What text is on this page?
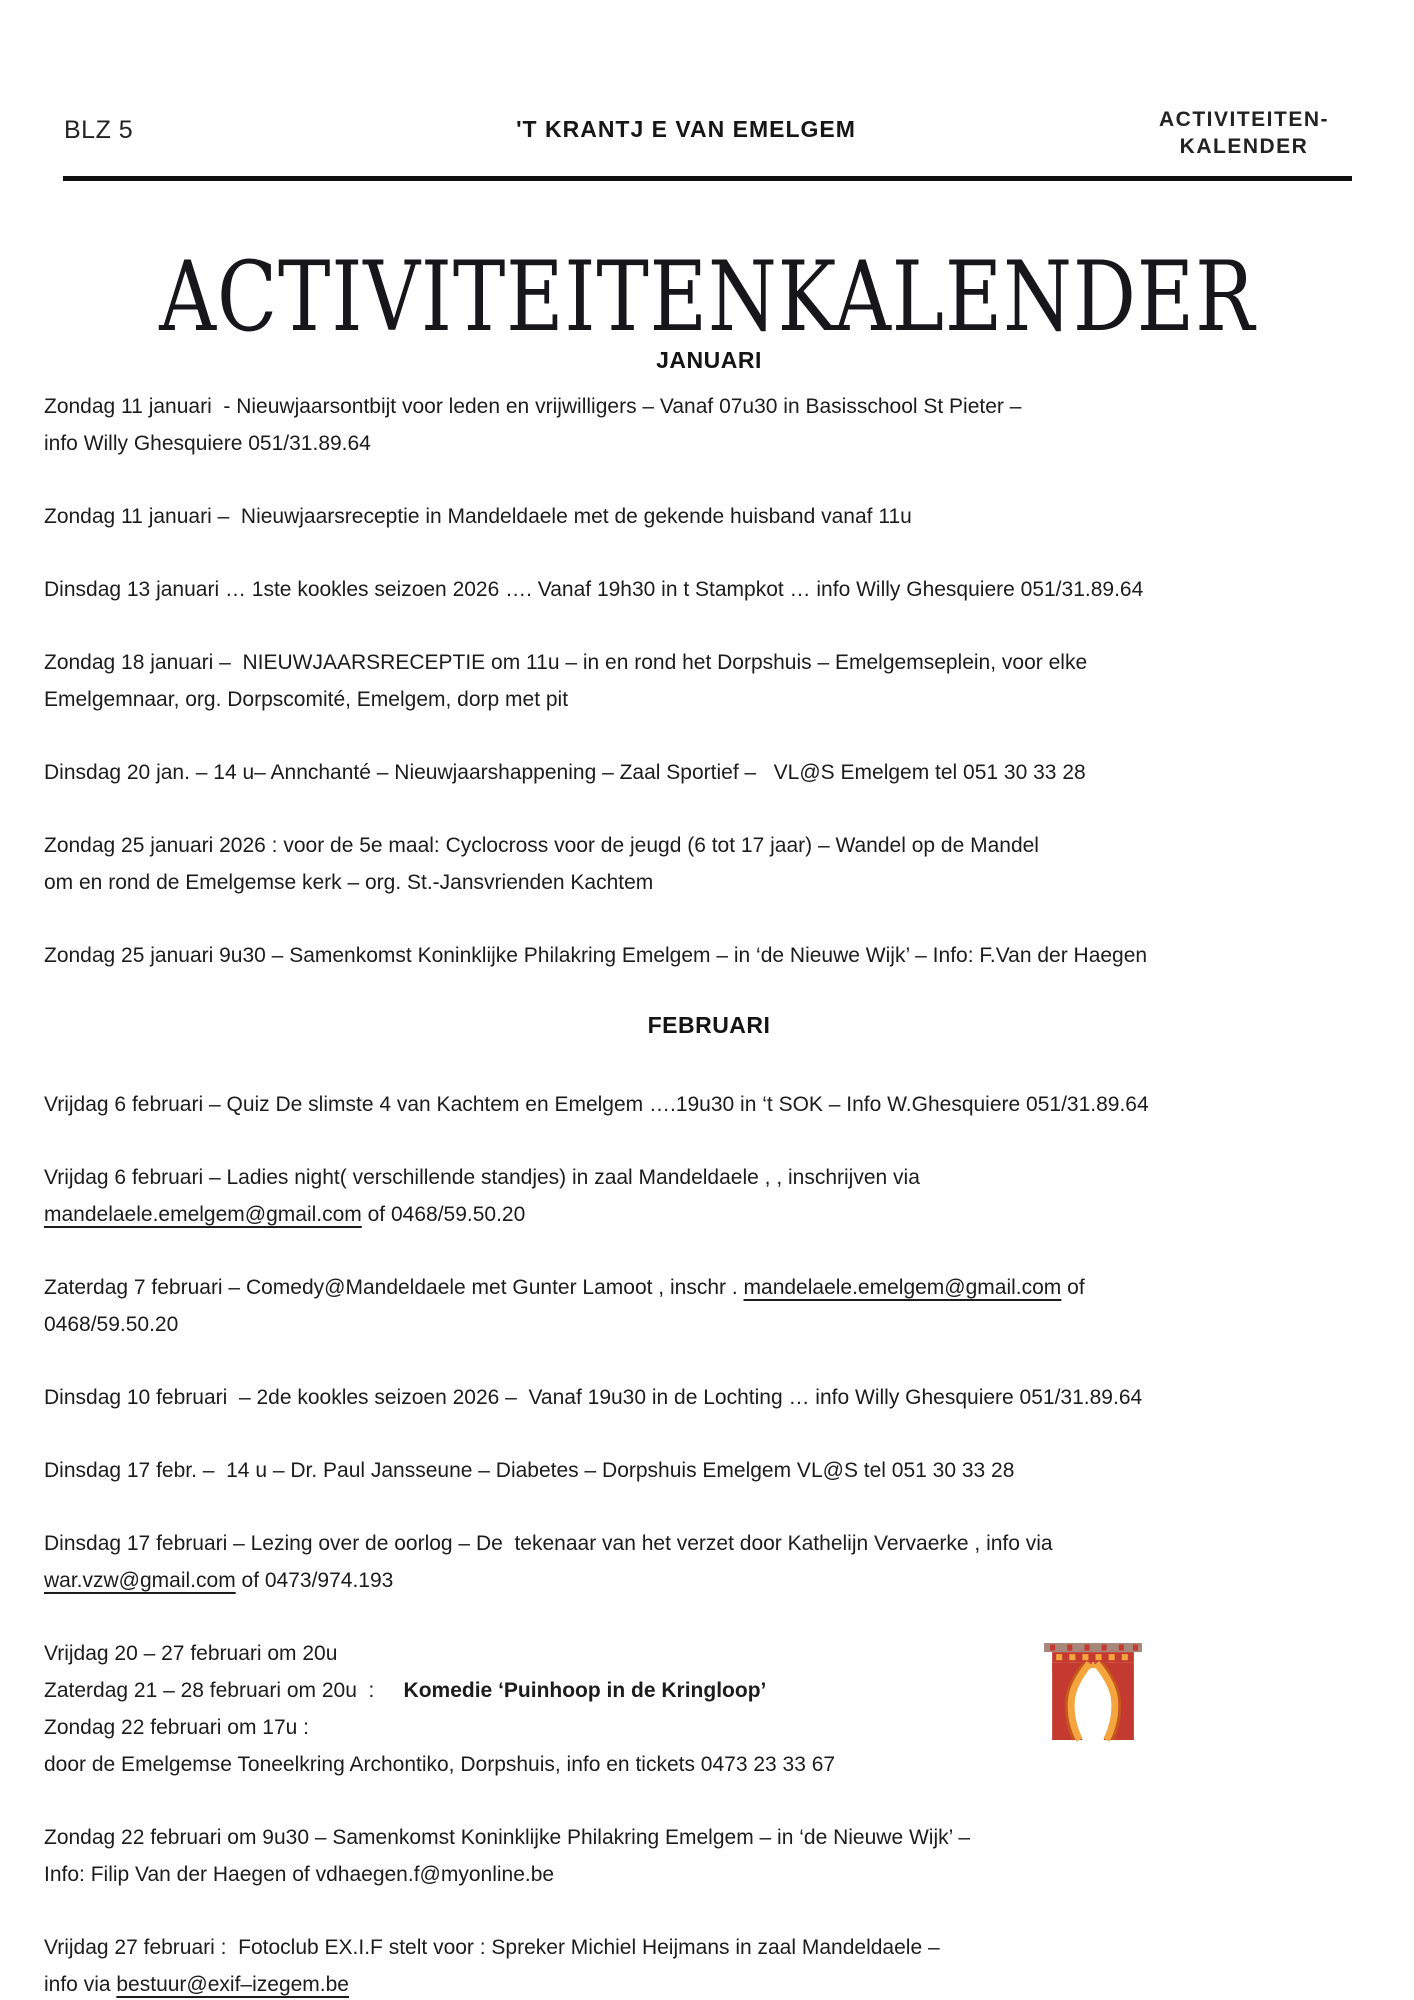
BLZ 5	'T KRANTJ E VAN EMELGEM	ACTIVITEITEN-
KALENDER
ACTIVITEITENKALENDER
JANUARI

Zondag 11 januari  - Nieuwjaarsontbijt voor leden en vrijwilligers – Vanaf 07u30 in Basisschool St Pieter –
info Willy Ghesquiere 051/31.89.64

Zondag 11 januari –  Nieuwjaarsreceptie in Mandeldaele met de gekende huisband vanaf 11u

Dinsdag 13 januari … 1ste kookles seizoen 2026 …. Vanaf 19h30 in t Stampkot … info Willy Ghesquiere 051/31.89.64

Zondag 18 januari –  NIEUWJAARSRECEPTIE om 11u – in en rond het Dorpshuis – Emelgemseplein, voor elke
Emelgemnaar, org. Dorpscomité, Emelgem, dorp met pit

Dinsdag 20 jan. – 14 u– Annchanté – Nieuwjaarshappening – Zaal Sportief –   VL@S Emelgem tel 051 30 33 28

Zondag 25 januari 2026 : voor de 5e maal: Cyclocross voor de jeugd (6 tot 17 jaar) – Wandel op de Mandel
om en rond de Emelgemse kerk – org. St.-Jansvrienden Kachtem

Zondag 25 januari 9u30 – Samenkomst Koninklijke Philakring Emelgem – in ‘de Nieuwe Wijk’ – Info: F.Van der Haegen

FEBRUARI

Vrijdag 6 februari – Quiz De slimste 4 van Kachtem en Emelgem ….19u30 in ‘t SOK – Info W.Ghesquiere 051/31.89.64

Vrijdag 6 februari – Ladies night( verschillende standjes) in zaal Mandeldaele , , inschrijven via
mandelaele.emelgem@gmail.com of 0468/59.50.20

Zaterdag 7 februari – Comedy@Mandeldaele met Gunter Lamoot , inschr . mandelaele.emelgem@gmail.com of
0468/59.50.20

Dinsdag 10 februari  – 2de kookles seizoen 2026 –  Vanaf 19u30 in de Lochting … info Willy Ghesquiere 051/31.89.64

Dinsdag 17 febr. –  14 u – Dr. Paul Jansseune – Diabetes – Dorpshuis Emelgem VL@S tel 051 30 33 28

Dinsdag 17 februari – Lezing over de oorlog – De  tekenaar van het verzet door Kathelijn Vervaerke , info via
war.vzw@gmail.com of 0473/974.193

Vrijdag 20 – 27 februari om 20u
Zaterdag 21 – 28 februari om 20u  :     Komedie ‘Puinhoop in de Kringloop’
Zondag 22 februari om 17u :
door de Emelgemse Toneelkring Archontiko, Dorpshuis, info en tickets 0473 23 33 67

Zondag 22 februari om 9u30 – Samenkomst Koninklijke Philakring Emelgem – in ‘de Nieuwe Wijk’ –
Info: Filip Van der Haegen of vdhaegen.f@myonline.be

Vrijdag 27 februari :  Fotoclub EX.I.F stelt voor : Spreker Michiel Heijmans in zaal Mandeldaele –
info via bestuur@exif–izegem.be
